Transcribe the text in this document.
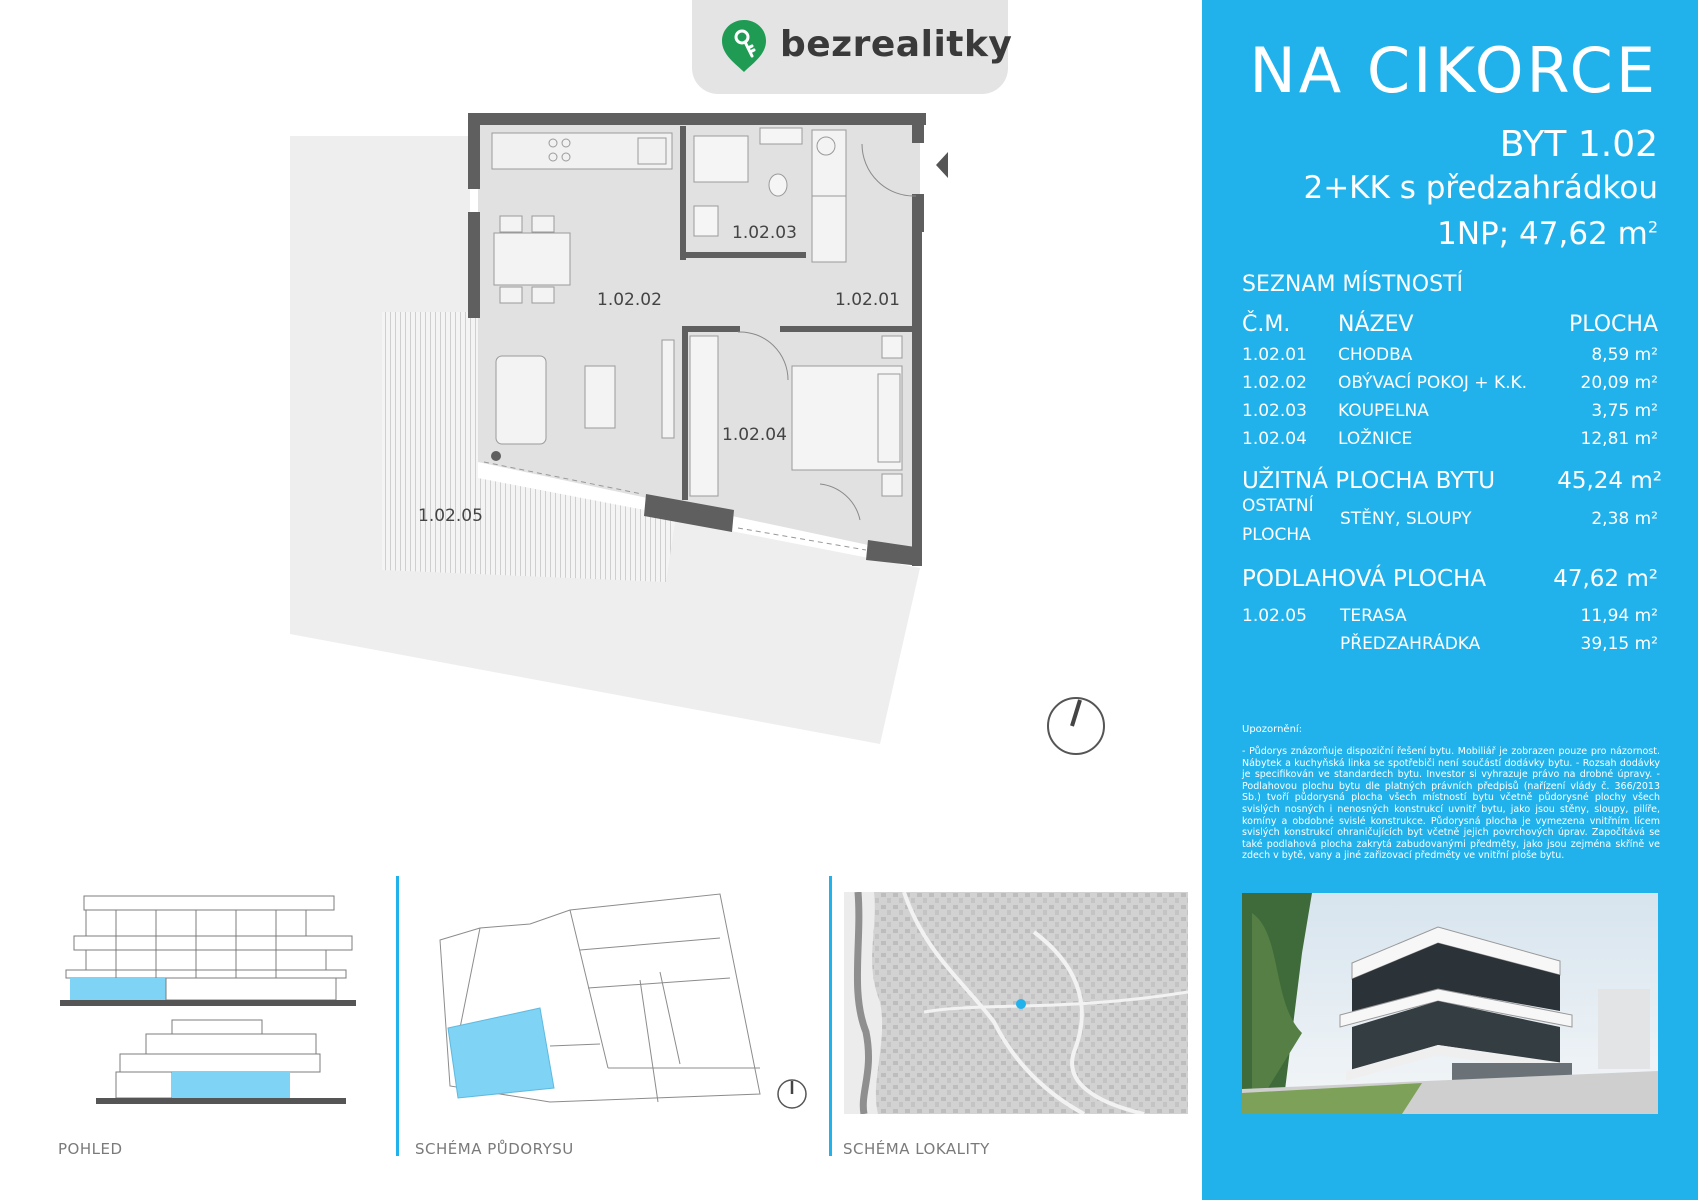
bezrealitky
1.02.01
1.02.02
1.02.03
1.02.04
1.02.05
POHLED	SCHÉMA PŮDORYSU	SCHÉMA LOKALITY
NA CIKORCE
BYT 1.02
2+KK s předzahrádkou
1NP; 47,62 $m^2$
SEZNAM MÍSTNOSTÍ
Č.M. NÁZEV	PLOCHA
1.02.01 CHODBA	8,59 m²
1.02.02 OBÝVACÍ POKOJ + K.K.	20,09 m²
1.02.03 KOUPELNA	3,75 m²
1.02.04 LOŽNICE	12,81 m²
UŽITNÁ PLOCHA BYTU	45,24 m²
OSTATNÍ
PLOCHA
STĚNY, SLOUPY	2,38 m²
PODLAHOVÁ PLOCHA	47,62 m²
1.02.05 TERASA	11,94 m²
PŘEDZAHRÁDKA	39,15 m²
Upozornění:
- Půdorys znázorňuje dispoziční řešení bytu. Mobiliář je zobrazen pouze pro názornost. Nábytek a kuchyňská linka se spotřebiči není součástí dodávky bytu. - Rozsah dodávky je specifikován ve standardech bytu. Investor si vyhrazuje právo na drobné úpravy. - Podlahovou plochu bytu dle platných právních předpisů (nařízení vlády č. 366/2013 Sb.) tvoří půdorysná plocha všech místností bytu včetně půdorysné plochy všech svislých nosných i nenosných konstrukcí uvnitř bytu, jako jsou stěny, sloupy, pilíře, komíny a obdobné svislé konstrukce. Půdorysná plocha je vymezena vnitřním lícem svislých konstrukcí ohraničujících byt včetně jejich povrchových úprav. Započítává se také podlahová plocha zakrytá zabudovanými předměty, jako jsou zejména skříně ve zdech v bytě, vany a jiné zařizovací předměty ve vnitřní ploše bytu.
